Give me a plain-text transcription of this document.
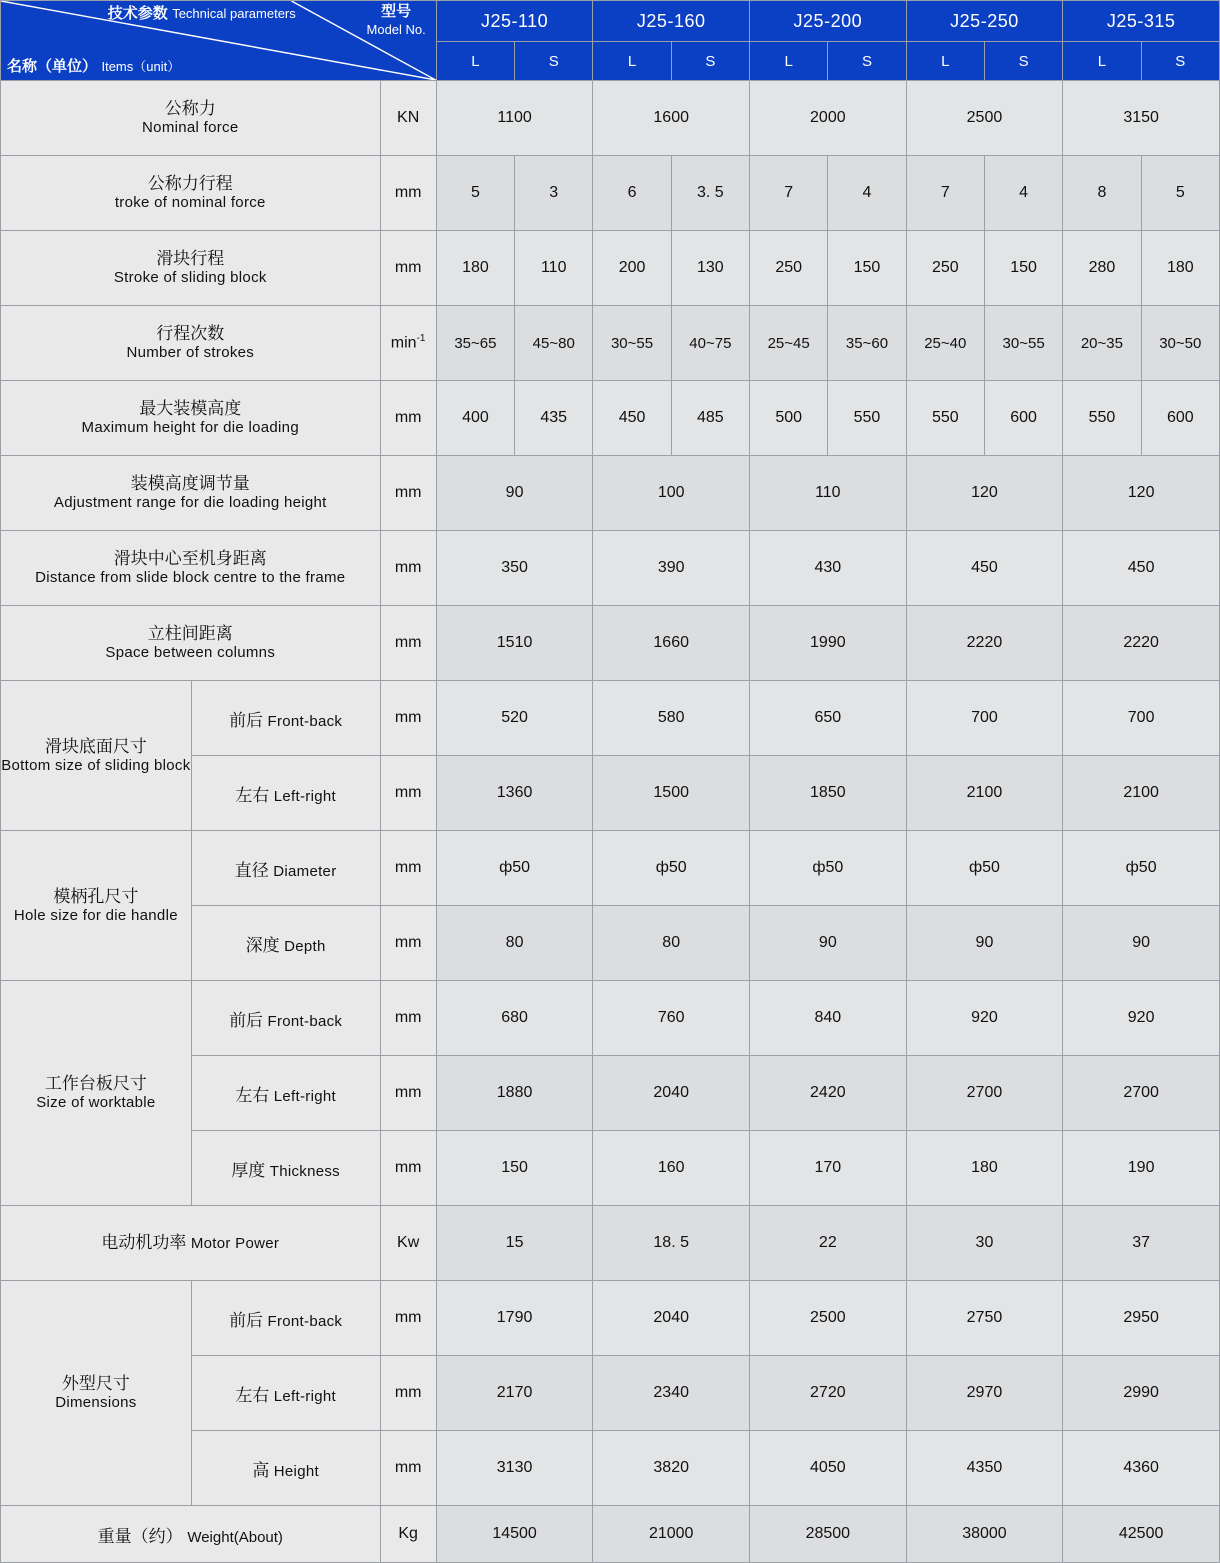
技术参数 Technical parameters 型号
Model No.
名称（单位） Items（unit）			J25-110		J25-160		J25-200		J25-250		J25-315	
			L	S	L	S	L	S	L	S	L	S

公称力
Nominal force		KN	1100		1600		2000		2500		3150	

公称力行程
troke of nominal force		mm	5	3	6	3. 5	7	4	7	4	8	5

滑块行程
Stroke of sliding block		mm	180	110	200	130	250	150	250	150	280	180

行程次数
Number of strokes		$\min^{-1}$	35~65	45~80	30~55	40~75	25~45	35~60	25~40	30~55	20~35	30~50

最大装模高度
Maximum height for die loading		mm	400	435	450	485	500	550	550	600	550	600

装模高度调节量
Adjustment range for die loading height		mm	90		100		110		120		120	

滑块中心至机身距离
Distance from slide block centre to the frame		mm	350		390		430		450		450	

立柱间距离
Space between columns		mm	1510		1660		1990		2220		2220	

滑块底面尺寸
Bottom size of sliding block	前后 Front-back	mm	520		580		650		700		700	
	左右 Left-right	mm	1360		1500		1850		2100		2100	

模柄孔尺寸
Hole size for die handle	直径 Diameter	mm	ф50		ф50		ф50		ф50		ф50	
	深度 Depth	mm	80		80		90		90		90	

工作台板尺寸
Size of worktable	前后 Front-back	mm	680		760		840		920		920	
	左右 Left-right	mm	1880		2040		2420		2700		2700	
	厚度 Thickness	mm	150		160		170		180		190	
电动机功率 Motor Power		Kw	15		18. 5		22		30		37	

外型尺寸
Dimensions	前后 Front-back	mm	1790		2040		2500		2750		2950	
	左右 Left-right	mm	2170		2340		2720		2970		2990	
	高 Height	mm	3130		3820		4050		4350		4360	
重量（约） Weight(About)		Kg	14500		21000		28500		38000		42500	
